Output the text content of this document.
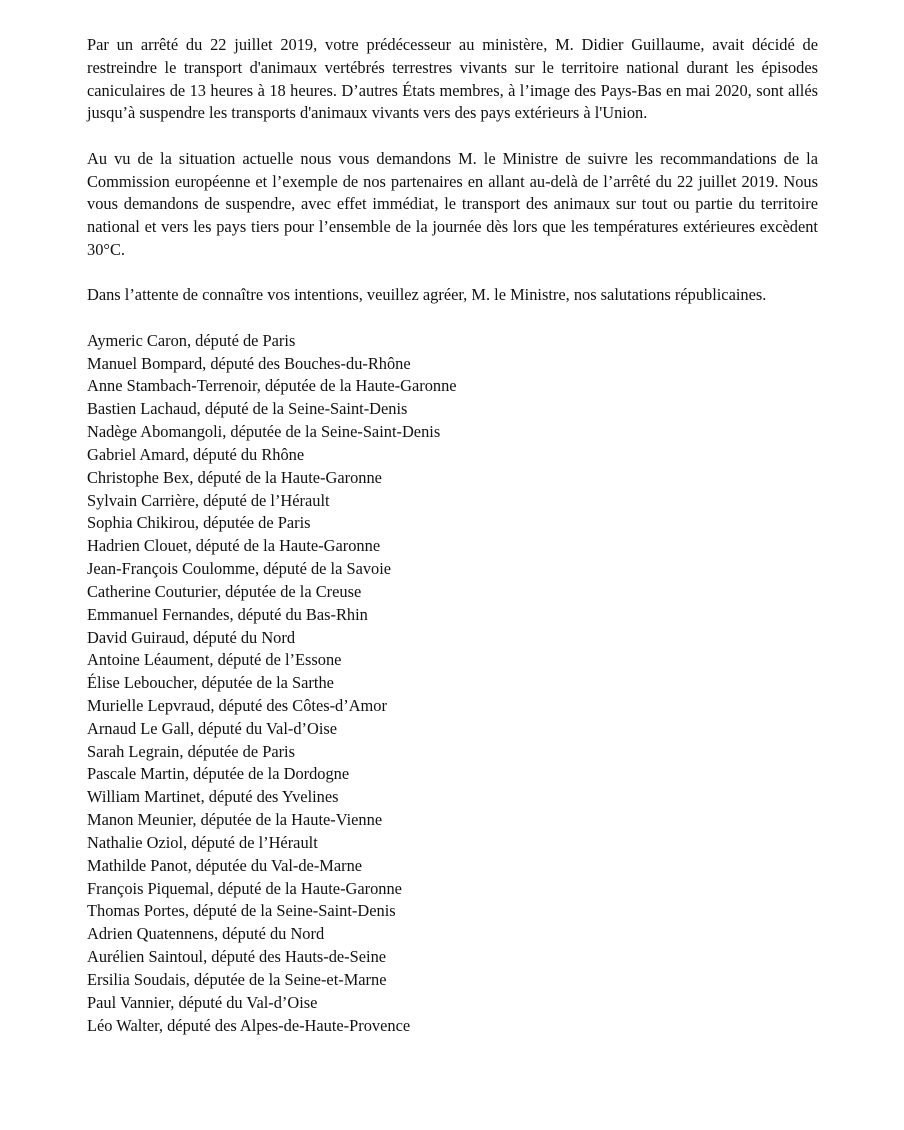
Par un arrêté du 22 juillet 2019, votre prédécesseur au ministère, M. Didier Guillaume, avait décidé de restreindre le transport d'animaux vertébrés terrestres vivants sur le territoire national durant les épisodes caniculaires de 13 heures à 18 heures. D’autres États membres, à l’image des Pays-Bas en mai 2020, sont allés jusqu’à suspendre les transports d'animaux vivants vers des pays extérieurs à l'Union.

Au vu de la situation actuelle nous vous demandons M. le Ministre de suivre les recommandations de la Commission européenne et l’exemple de nos partenaires en allant au-delà de l’arrêté du 22 juillet 2019. Nous vous demandons de suspendre, avec effet immédiat, le transport des animaux sur tout ou partie du territoire national et vers les pays tiers pour l’ensemble de la journée dès lors que les températures extérieures excèdent 30°C.

Dans l’attente de connaître vos intentions, veuillez agréer, M. le Ministre, nos salutations républicaines.

Aymeric Caron, député de Paris
Manuel Bompard, député des Bouches-du-Rhône
Anne Stambach-Terrenoir, députée de la Haute-Garonne
Bastien Lachaud, député de la Seine-Saint-Denis
Nadège Abomangoli, députée de la Seine-Saint-Denis
Gabriel Amard, député du Rhône
Christophe Bex, député de la Haute-Garonne
Sylvain Carrière, député de l’Hérault
Sophia Chikirou, députée de Paris
Hadrien Clouet, député de la Haute-Garonne
Jean-François Coulomme, député de la Savoie
Catherine Couturier, députée de la Creuse
Emmanuel Fernandes, député du Bas-Rhin
David Guiraud, député du Nord
Antoine Léaument, député de l’Essone
Élise Leboucher, députée de la Sarthe
Murielle Lepvraud, député des Côtes-d’Amor
Arnaud Le Gall, député du Val-d’Oise
Sarah Legrain, députée de Paris
Pascale Martin, députée de la Dordogne
William Martinet, député des Yvelines
Manon Meunier, députée de la Haute-Vienne
Nathalie Oziol, député de l’Hérault
Mathilde Panot, députée du Val-de-Marne
François Piquemal, député de la Haute-Garonne
Thomas Portes, député de la Seine-Saint-Denis
Adrien Quatennens, député du Nord
Aurélien Saintoul, député des Hauts-de-Seine
Ersilia Soudais, députée de la Seine-et-Marne
Paul Vannier, député du Val-d’Oise
Léo Walter, député des Alpes-de-Haute-Provence
